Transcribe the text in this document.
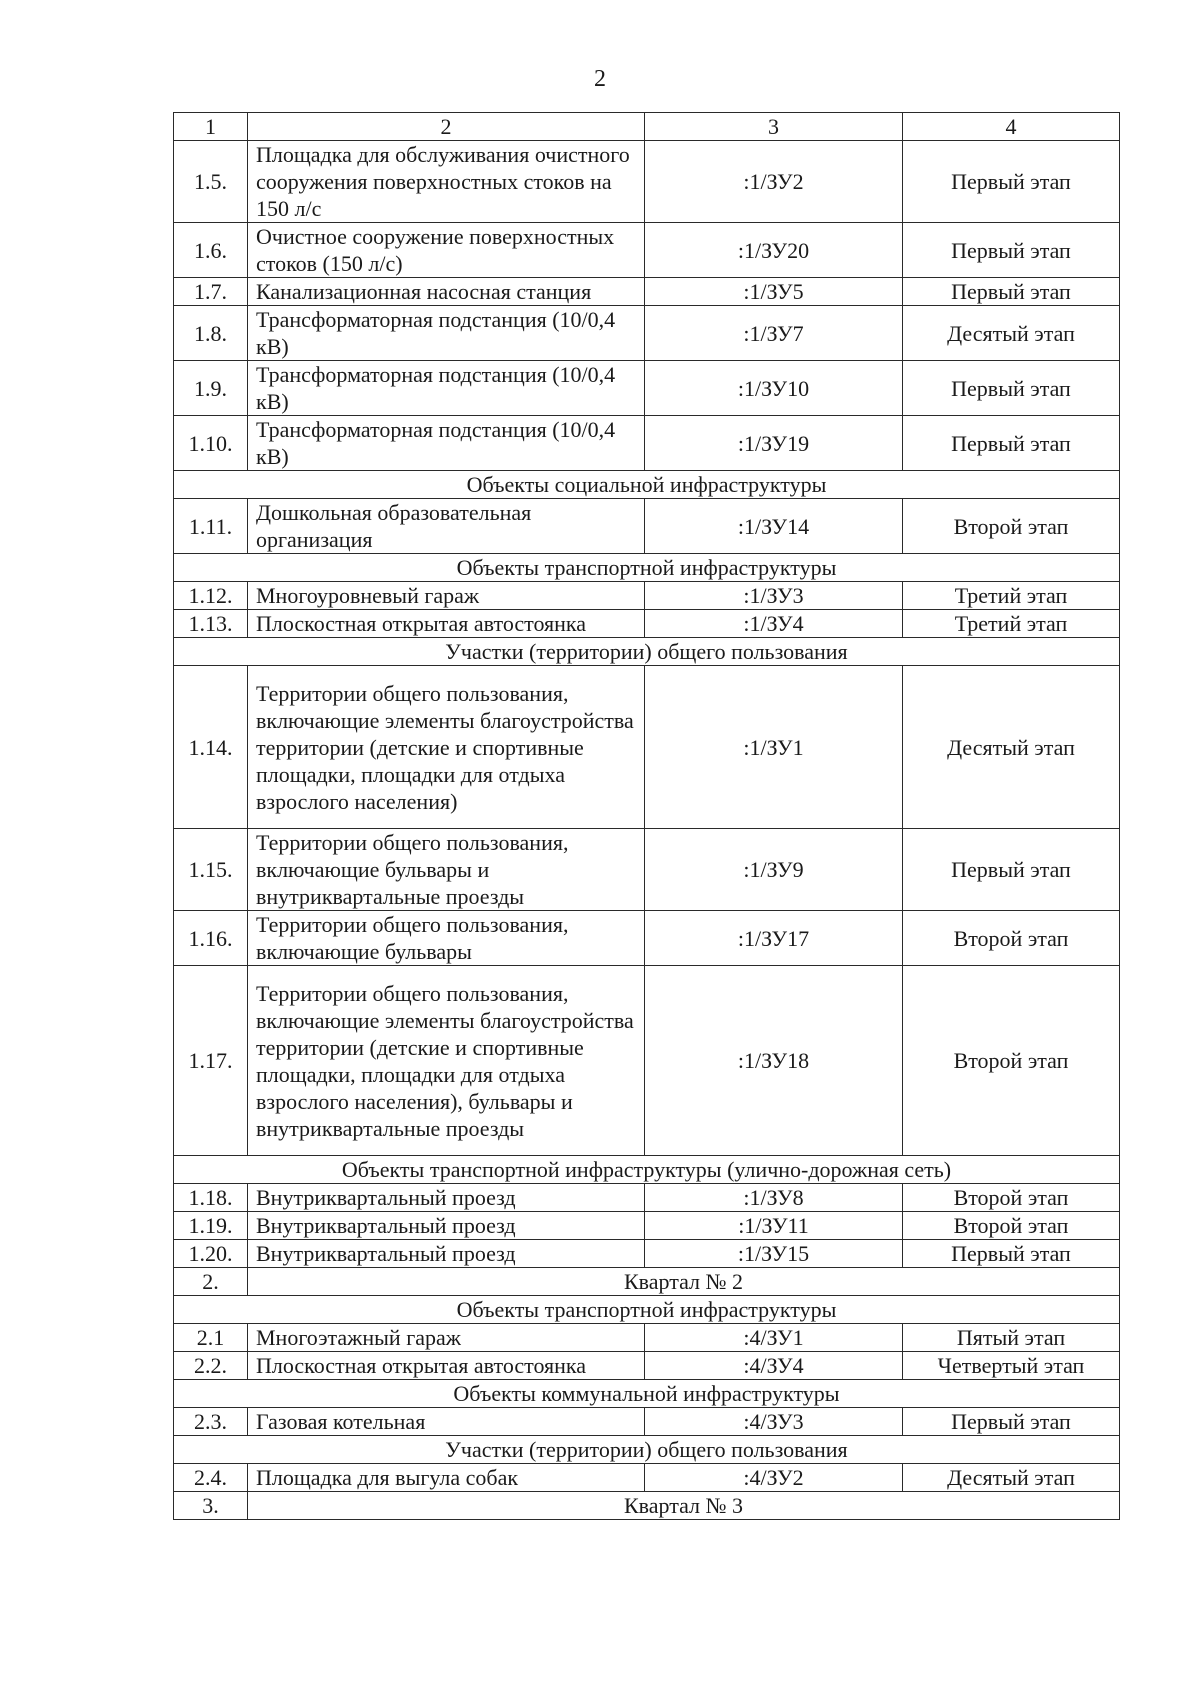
2
1	2	3	4
1.5.	Площадка для обслуживания очистного сооружения поверхностных стоков на 150 л/с	:1/ЗУ2	Первый этап
1.6.	Очистное сооружение поверхностных стоков (150 л/с)	:1/ЗУ20	Первый этап
1.7.	Канализационная насосная станция	:1/ЗУ5	Первый этап
1.8.	Трансформаторная подстанция (10/0,4 кВ)	:1/ЗУ7	Десятый этап
1.9.	Трансформаторная подстанция (10/0,4 кВ)	:1/ЗУ10	Первый этап
1.10.	Трансформаторная подстанция (10/0,4 кВ)	:1/ЗУ19	Первый этап
Объекты социальной инфраструктуры			
1.11.	Дошкольная образовательная организация	:1/ЗУ14	Второй этап
Объекты транспортной инфраструктуры			
1.12.	Многоуровневый гараж	:1/ЗУ3	Третий этап
1.13.	Плоскостная открытая автостоянка	:1/ЗУ4	Третий этап
Участки (территории) общего пользования			
1.14.	Территории общего пользования, включающие элементы благоустройства территории (детские и спортивные площадки, площадки для отдыха взрослого населения)	:1/ЗУ1	Десятый этап
1.15.	Территории общего пользования, включающие бульвары и внутриквартальные проезды	:1/ЗУ9	Первый этап
1.16.	Территории общего пользования, включающие бульвары	:1/ЗУ17	Второй этап
1.17.	Территории общего пользования, включающие элементы благоустройства территории (детские и спортивные площадки, площадки для отдыха взрослого населения), бульвары и внутриквартальные проезды	:1/ЗУ18	Второй этап
Объекты транспортной инфраструктуры (улично-дорожная сеть)			
1.18.	Внутриквартальный проезд	:1/ЗУ8	Второй этап
1.19.	Внутриквартальный проезд	:1/ЗУ11	Второй этап
1.20.	Внутриквартальный проезд	:1/ЗУ15	Первый этап
2.	Квартал № 2		
Объекты транспортной инфраструктуры			
2.1	Многоэтажный гараж	:4/ЗУ1	Пятый этап
2.2.	Плоскостная открытая автостоянка	:4/ЗУ4	Четвертый этап
Объекты коммунальной инфраструктуры			
2.3.	Газовая котельная	:4/ЗУ3	Первый этап
Участки (территории) общего пользования			
2.4.	Площадка для выгула собак	:4/ЗУ2	Десятый этап
3.	Квартал № 3		
